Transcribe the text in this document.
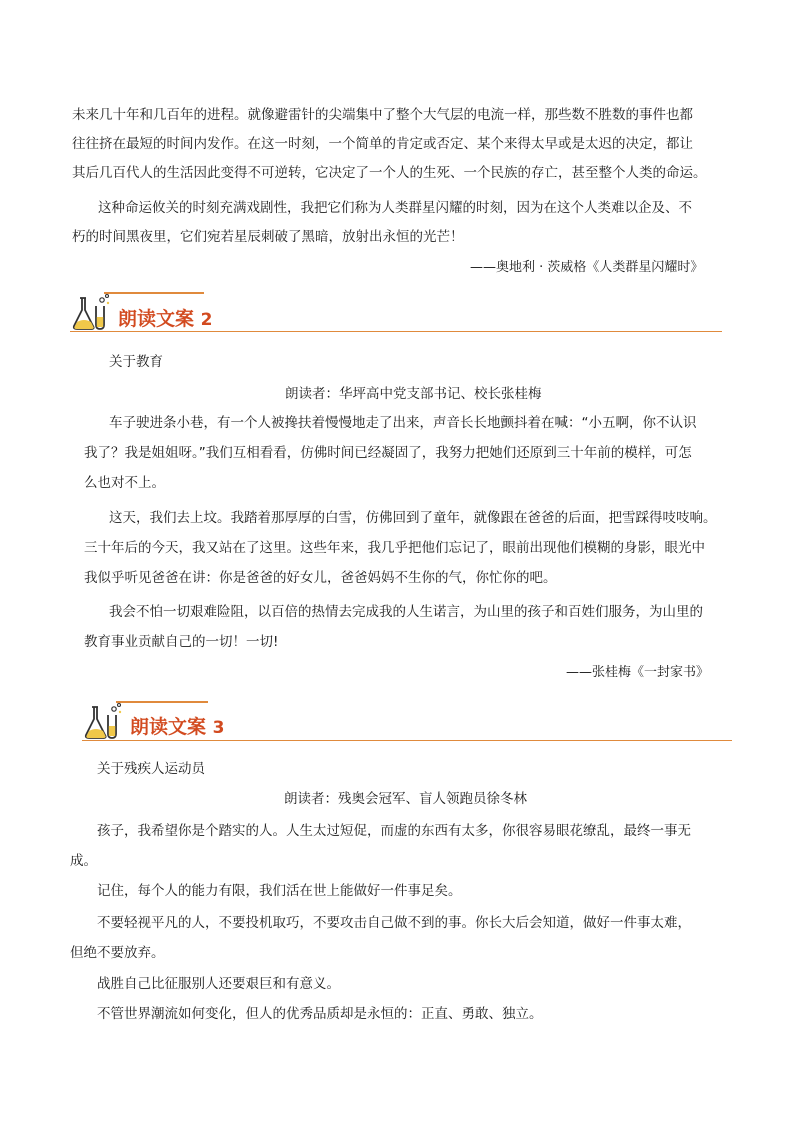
未来几十年和几百年的进程。就像避雷针的尖端集中了整个大气层的电流一样，那些数不胜数的事件也都
往往挤在最短的时间内发作。在这一时刻，一个简单的肯定或否定、某个来得太早或是太迟的决定，都让
其后几百代人的生活因此变得不可逆转，它决定了一个人的生死、一个民族的存亡，甚至整个人类的命运。
这种命运攸关的时刻充满戏剧性，我把它们称为人类群星闪耀的时刻，因为在这个人类难以企及、不
朽的时间黑夜里，它们宛若星辰刺破了黑暗，放射出永恒的光芒！
——奥地利 · 茨威格《人类群星闪耀时》
朗读文案 2
关于教育
朗读者：华坪高中党支部书记、校长张桂梅
车子驶进条小巷，有一个人被搀扶着慢慢地走了出来，声音长长地颤抖着在喊：“小五啊，你不认识
我了？我是姐姐呀。”我们互相看看，仿佛时间已经凝固了，我努力把她们还原到三十年前的模样，可怎
么也对不上。
这天，我们去上坟。我踏着那厚厚的白雪，仿佛回到了童年，就像跟在爸爸的后面，把雪踩得吱吱响。
三十年后的今天，我又站在了这里。这些年来，我几乎把他们忘记了，眼前出现他们模糊的身影，眼光中
我似乎听见爸爸在讲：你是爸爸的好女儿，爸爸妈妈不生你的气，你忙你的吧。
我会不怕一切艰难险阻，以百倍的热情去完成我的人生诺言，为山里的孩子和百姓们服务，为山里的
教育事业贡献自己的一切！一切!
——张桂梅《一封家书》
朗读文案 3
关于残疾人运动员
朗读者：残奥会冠军、盲人领跑员徐冬林
孩子，我希望你是个踏实的人。人生太过短促，而虚的东西有太多，你很容易眼花缭乱，最终一事无
成。
记住，每个人的能力有限，我们活在世上能做好一件事足矣。
不要轻视平凡的人，不要投机取巧，不要攻击自己做不到的事。你长大后会知道，做好一件事太难，
但绝不要放弃。
战胜自己比征服别人还要艰巨和有意义。
不管世界潮流如何变化，但人的优秀品质却是永恒的：正直、勇敢、独立。
